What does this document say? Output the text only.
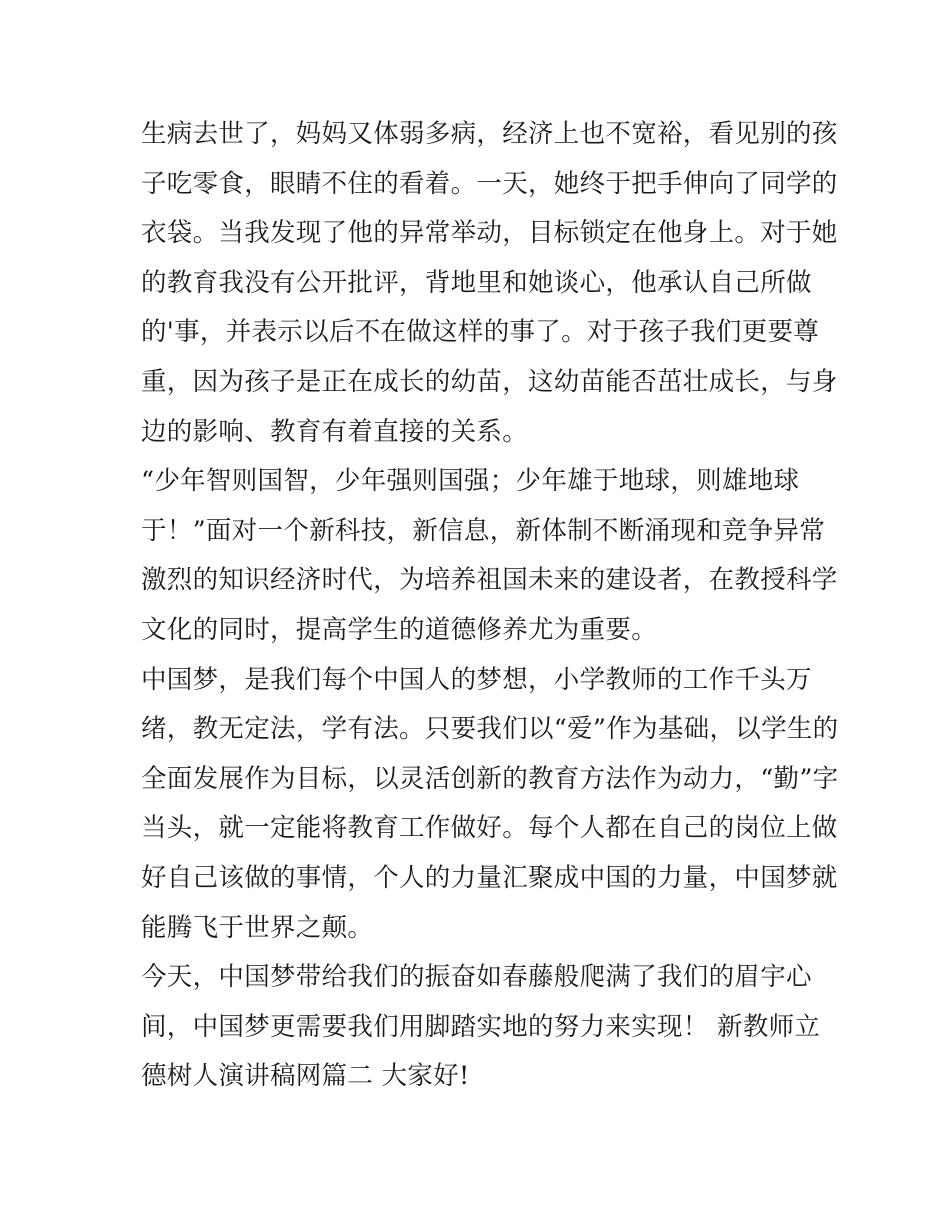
生病去世了，妈妈又体弱多病，经济上也不宽裕，看见别的孩
子吃零食，眼睛不住的看着。一天，她终于把手伸向了同学的
衣袋。当我发现了他的异常举动，目标锁定在他身上。对于她
的教育我没有公开批评，背地里和她谈心，他承认自己所做
的'事，并表示以后不在做这样的事了。对于孩子我们更要尊
重，因为孩子是正在成长的幼苗，这幼苗能否茁壮成长，与身
边的影响、教育有着直接的关系。
“少年智则国智，少年强则国强；少年雄于地球，则雄地球
于！”面对一个新科技，新信息，新体制不断涌现和竞争异常
激烈的知识经济时代，为培养祖国未来的建设者，在教授科学
文化的同时，提高学生的道德修养尤为重要。
中国梦，是我们每个中国人的梦想，小学教师的工作千头万
绪，教无定法，学有法。只要我们以“爱”作为基础，以学生的
全面发展作为目标，以灵活创新的教育方法作为动力，“勤”字
当头，就一定能将教育工作做好。每个人都在自己的岗位上做
好自己该做的事情，个人的力量汇聚成中国的力量，中国梦就
能腾飞于世界之颠。
今天，中国梦带给我们的振奋如春藤般爬满了我们的眉宇心
间，中国梦更需要我们用脚踏实地的努力来实现！ 新教师立
德树人演讲稿网篇二 大家好!
